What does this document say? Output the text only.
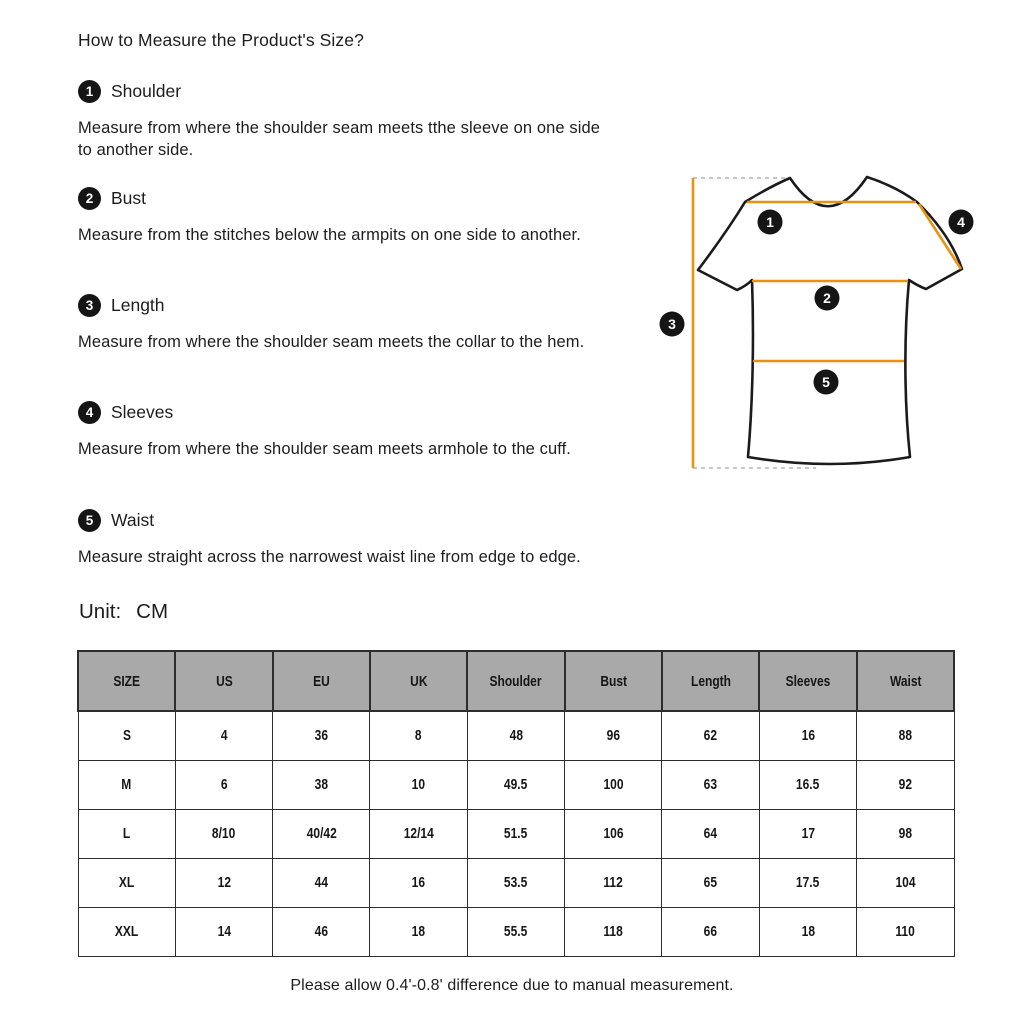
How to Measure the Product's Size?
1	Shoulder
Measure from where the shoulder seam meets tthe sleeve on one side to another side.
2	Bust
Measure from the stitches below the armpits on one side to another.
3	Length
Measure from where the shoulder seam meets the collar to the hem.
4	Sleeves
Measure from where the shoulder seam meets armhole to the cuff.
5	Waist
Measure straight across the narrowest waist line from edge to edge.
1
2
3
4
5
Unit: CM
SIZE	US	EU	UK	Shoulder	Bust	Length	Sleeves	Waist
S	4	36	8	48	96	62	16	88
M	6	38	10	49.5	100	63	16.5	92
L	8/10	40/42	12/14	51.5	106	64	17	98
XL	12	44	16	53.5	112	65	17.5	104
XXL	14	46	18	55.5	118	66	18	110
Please allow 0.4'-0.8' difference due to manual measurement.
